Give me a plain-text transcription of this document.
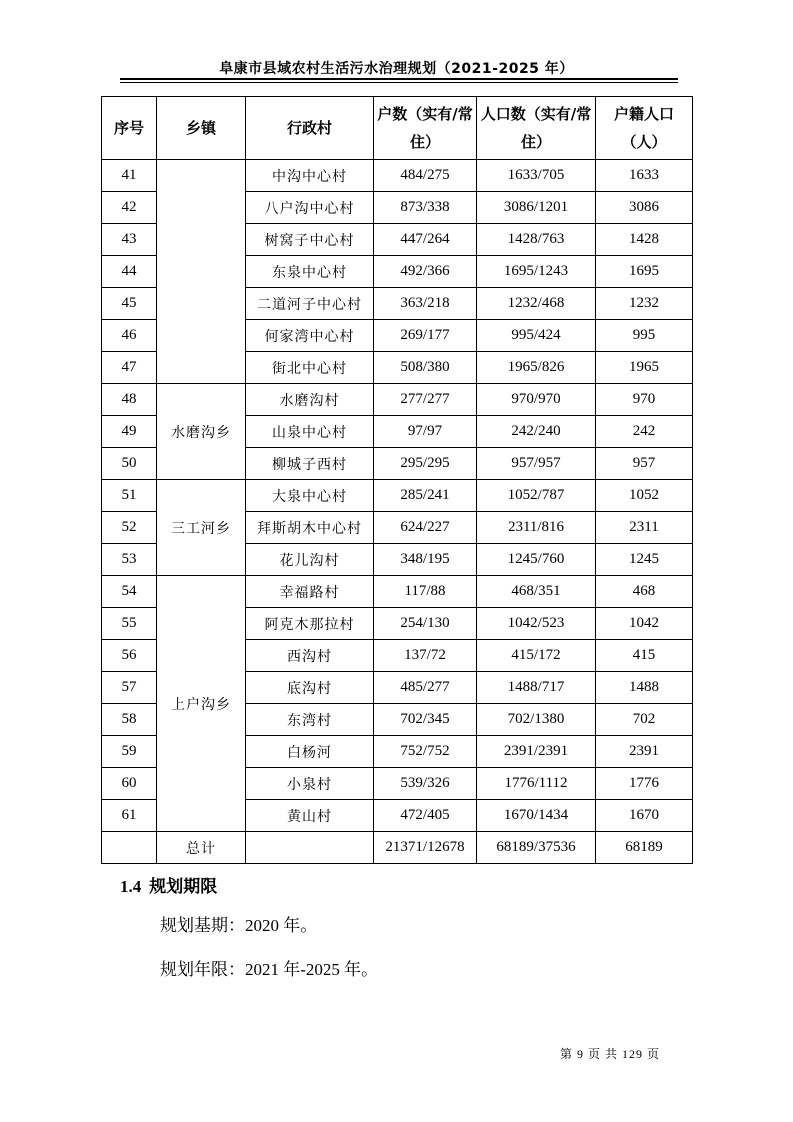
阜康市县域农村生活污水治理规划（2021-2025 年）
序号	乡镇	行政村	户数（实有/常住）	人口数（实有/常住）	户籍人口（人）
41		中沟中心村	484/275	1633/705	1633
42		八户沟中心村	873/338	3086/1201	3086
43		树窝子中心村	447/264	1428/763	1428
44		东泉中心村	492/366	1695/1243	1695
45		二道河子中心村	363/218	1232/468	1232
46		何家湾中心村	269/177	995/424	995
47		街北中心村	508/380	1965/826	1965
48	水磨沟乡	水磨沟村	277/277	970/970	970
49		山泉中心村	97/97	242/240	242
50		柳城子西村	295/295	957/957	957
51	三工河乡	大泉中心村	285/241	1052/787	1052
52		拜斯胡木中心村	624/227	2311/816	2311
53		花儿沟村	348/195	1245/760	1245
54	上户沟乡	幸福路村	117/88	468/351	468
55		阿克木那拉村	254/130	1042/523	1042
56		西沟村	137/72	415/172	415
57		底沟村	485/277	1488/717	1488
58		东湾村	702/345	702/1380	702
59		白杨河	752/752	2391/2391	2391
60		小泉村	539/326	1776/1112	1776
61		黄山村	472/405	1670/1434	1670
	总计		21371/12678	68189/37536	68189
1.4 规划期限
规划基期：2020 年。
规划年限：2021 年-2025 年。
第 9 页 共 129 页
